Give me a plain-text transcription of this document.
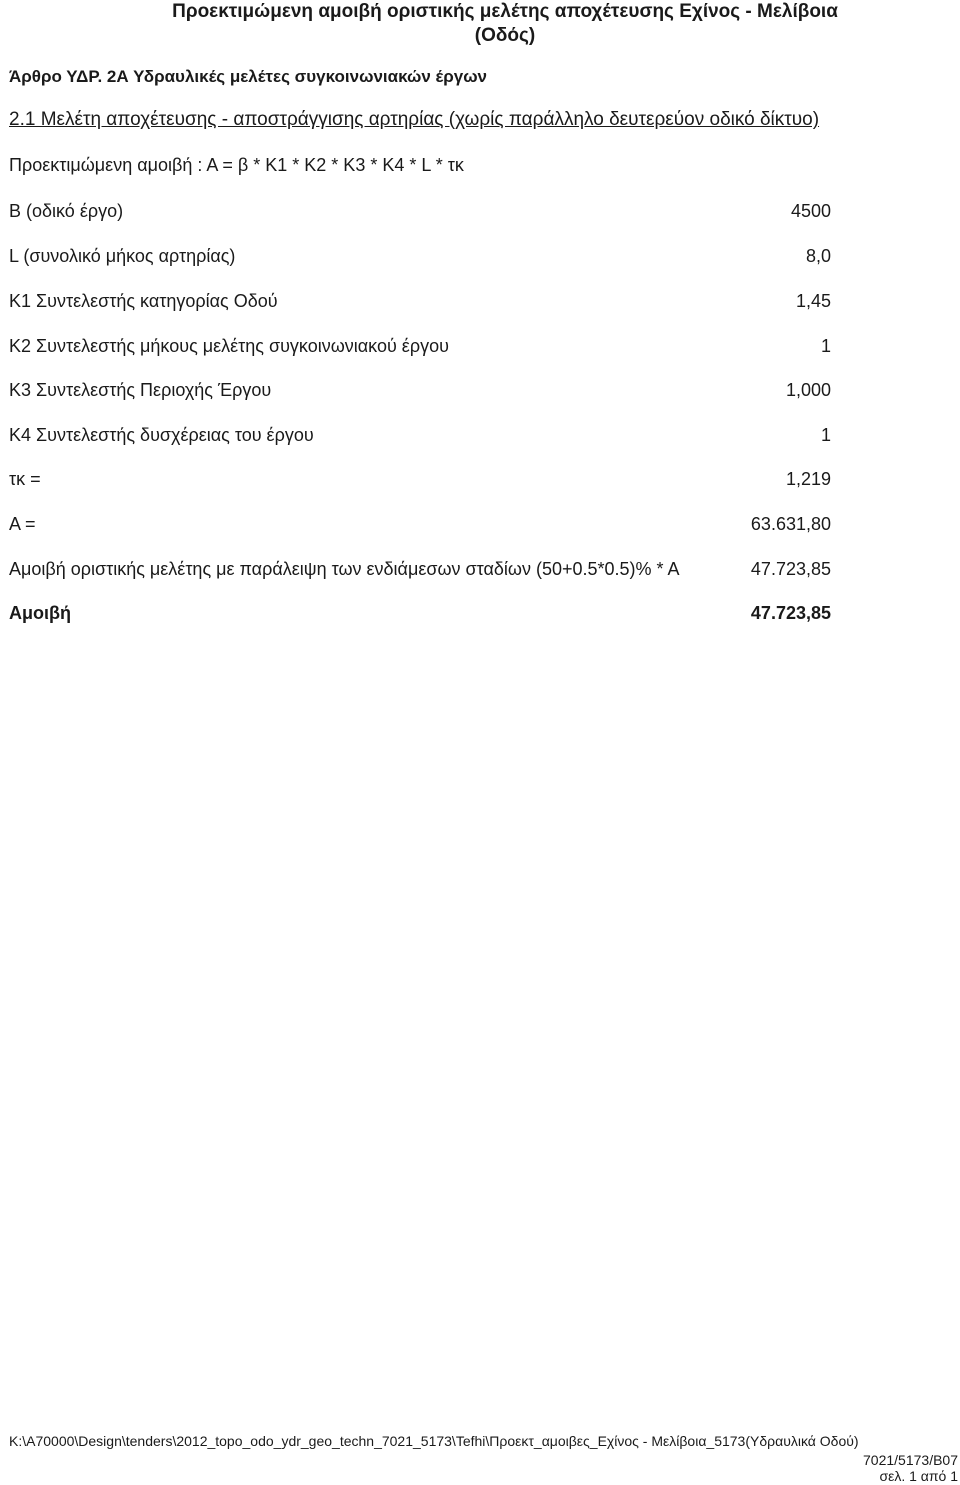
Προεκτιμώμενη αμοιβή οριστικής μελέτης αποχέτευσης Εχίνος - Μελίβοια
(Οδός)
Άρθρο ΥΔΡ. 2Α Υδραυλικές μελέτες συγκοινωνιακών έργων
2.1 Μελέτη αποχέτευσης - αποστράγγισης αρτηρίας (χωρίς παράλληλο δευτερεύον οδικό δίκτυο)
Προεκτιμώμενη αμοιβή : Α = β * Κ1 * Κ2 * Κ3 * Κ4 * L * τκ
Β (οδικό έργο)	4500
L (συνολικό μήκος αρτηρίας)	8,0
Κ1 Συντελεστής κατηγορίας Οδού	1,45
Κ2 Συντελεστής μήκους μελέτης συγκοινωνιακού έργου	1
Κ3 Συντελεστής Περιοχής Έργου	1,000
Κ4 Συντελεστής δυσχέρειας του έργου	1
τκ =	1,219
Α =	63.631,80
Αμοιβή οριστικής μελέτης με παράλειψη των ενδιάμεσων σταδίων (50+0.5*0.5)% * Α	47.723,85
Αμοιβή	47.723,85
K:\A70000\Design\tenders\2012_topo_odo_ydr_geo_techn_7021_5173\Tefhi\Προεκτ_αμοιβες_Εχίνος - Μελίβοια_5173(Υδραυλικά Οδού)
7021/5173/Β07
σελ. 1 από 1
